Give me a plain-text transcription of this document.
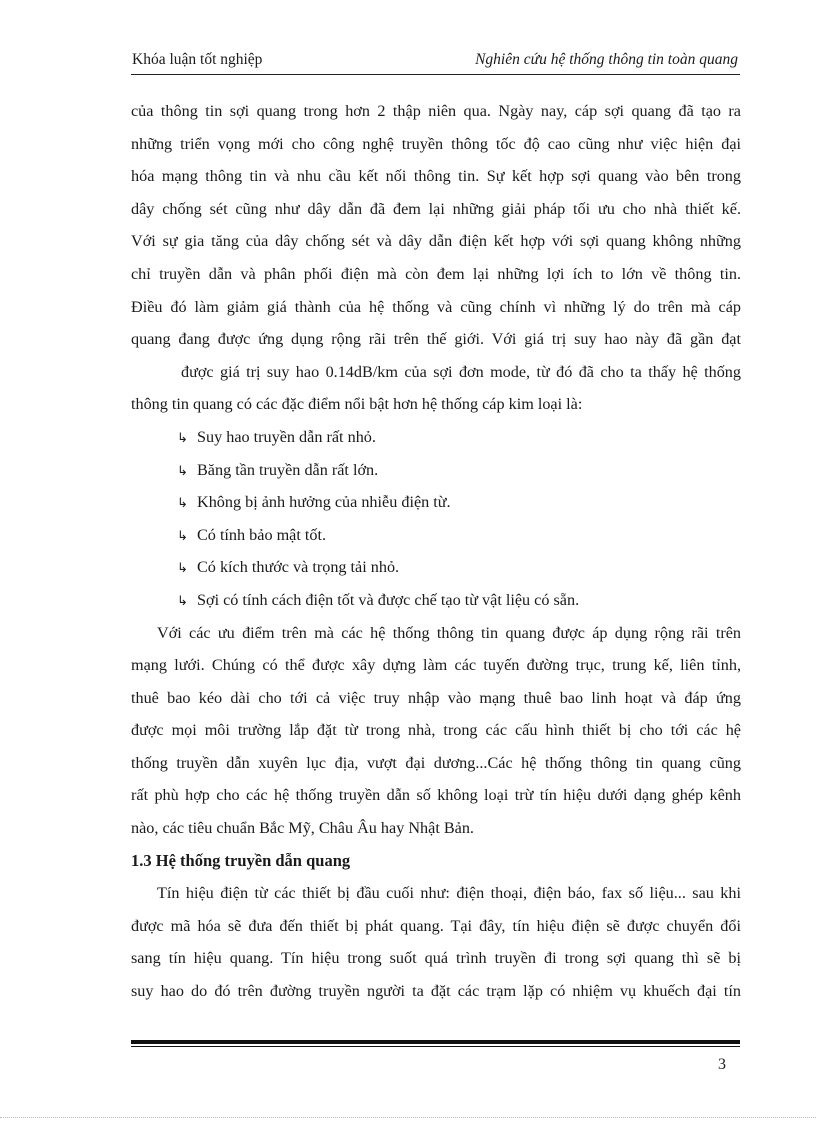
Khóa luận tốt nghiệp	Nghiên cứu hệ thống thông tin toàn quang
của thông tin sợi quang trong hơn 2 thập niên qua. Ngày nay, cáp sợi quang đã tạo ra
những triển vọng mới cho công nghệ truyền thông tốc độ cao cũng như việc hiện đại
hóa mạng thông tin và nhu cầu kết nối thông tin. Sự kết hợp sợi quang vào bên trong
dây chống sét cũng như dây dẫn đã đem lại những giải pháp tối ưu cho nhà thiết kế.
Với sự gia tăng của dây chống sét và dây dẫn điện kết hợp với sợi quang không những
chỉ truyền dẫn và phân phối điện mà còn đem lại những lợi ích to lớn về thông tin.
Điều đó làm giảm giá thành của hệ thống và cũng chính vì những lý do trên mà cáp
quang đang được ứng dụng rộng rãi trên thế giới. Với giá trị suy hao này đã gần đạt
được giá trị suy hao 0.14dB/km của sợi đơn mode, từ đó đã cho ta thấy hệ thống
thông tin quang có các đặc điểm nổi bật hơn hệ thống cáp kim loại là:
↳ Suy hao truyền dẫn rất nhỏ.
↳ Băng tần truyền dẫn rất lớn.
↳ Không bị ảnh hưởng của nhiễu điện từ.
↳ Có tính bảo mật tốt.
↳ Có kích thước và trọng tải nhỏ.
↳ Sợi có tính cách điện tốt và được chế tạo từ vật liệu có sẵn.
Với các ưu điểm trên mà các hệ thống thông tin quang được áp dụng rộng rãi trên
mạng lưới. Chúng có thể được xây dựng làm các tuyến đường trục, trung kế, liên tỉnh,
thuê bao kéo dài cho tới cả việc truy nhập vào mạng thuê bao linh hoạt và đáp ứng
được mọi môi trường lắp đặt từ trong nhà, trong các cấu hình thiết bị cho tới các hệ
thống truyền dẫn xuyên lục địa, vượt đại dương...Các hệ thống thông tin quang cũng
rất phù hợp cho các hệ thống truyền dẫn số không loại trừ tín hiệu dưới dạng ghép kênh
nào, các tiêu chuẩn Bắc Mỹ, Châu Âu hay Nhật Bản.
1.3 Hệ thống truyền dẫn quang
Tín hiệu điện từ các thiết bị đầu cuối như: điện thoại, điện báo, fax số liệu... sau khi
được mã hóa sẽ đưa đến thiết bị phát quang. Tại đây, tín hiệu điện sẽ được chuyển đổi
sang tín hiệu quang. Tín hiệu trong suốt quá trình truyền đi trong sợi quang thì sẽ bị
suy hao do đó trên đường truyền người ta đặt các trạm lặp có nhiệm vụ khuếch đại tín
3
